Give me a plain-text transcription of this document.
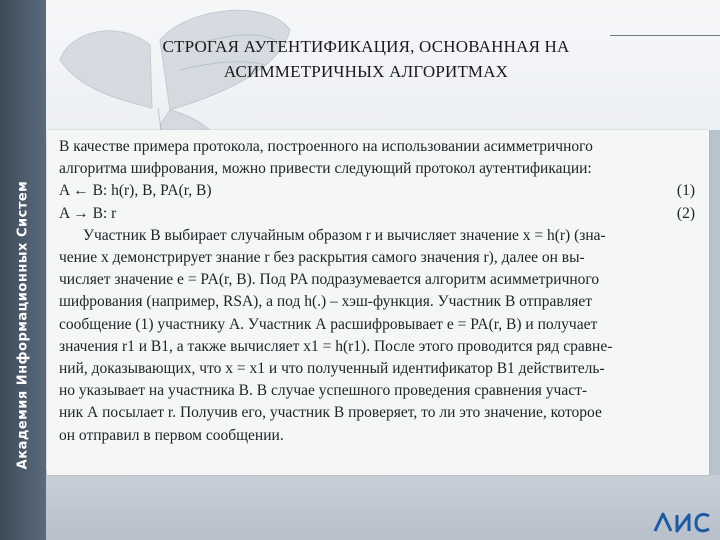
Академия Информационных Систем
СТРОГАЯ АУТЕНТИФИКАЦИЯ, ОСНОВАННАЯ НА
АСИММЕТРИЧНЫХ АЛГОРИТМАХ
В качестве примера протокола, построенного на использовании асимметричного
алгоритма шифрования, можно привести следующий протокол аутентификации:
A ← B: h(r), B, PA(r, B)	(1)
A → B: r	(2)
Участник В выбирает случайным образом r и вычисляет значение x = h(r) (зна-
чение x демонстрирует знание r без раскрытия самого значения r), далее он вы-
числяет значение e = PA(r, B). Под PA подразумевается алгоритм асимметричного
шифрования (например, RSA), а под h(.) – хэш-функция. Участник В отправляет
сообщение (1) участнику А. Участник А расшифровывает e = PA(r, B) и получает
значения r1 и B1, а также вычисляет x1 = h(r1). После этого проводится ряд сравне-
ний, доказывающих, что x = x1 и что полученный идентификатор B1 действитель-
но указывает на участника В. В случае успешного проведения сравнения участ-
ник А посылает r. Получив его, участник В проверяет, то ли это значение, которое
он отправил в первом сообщении.
